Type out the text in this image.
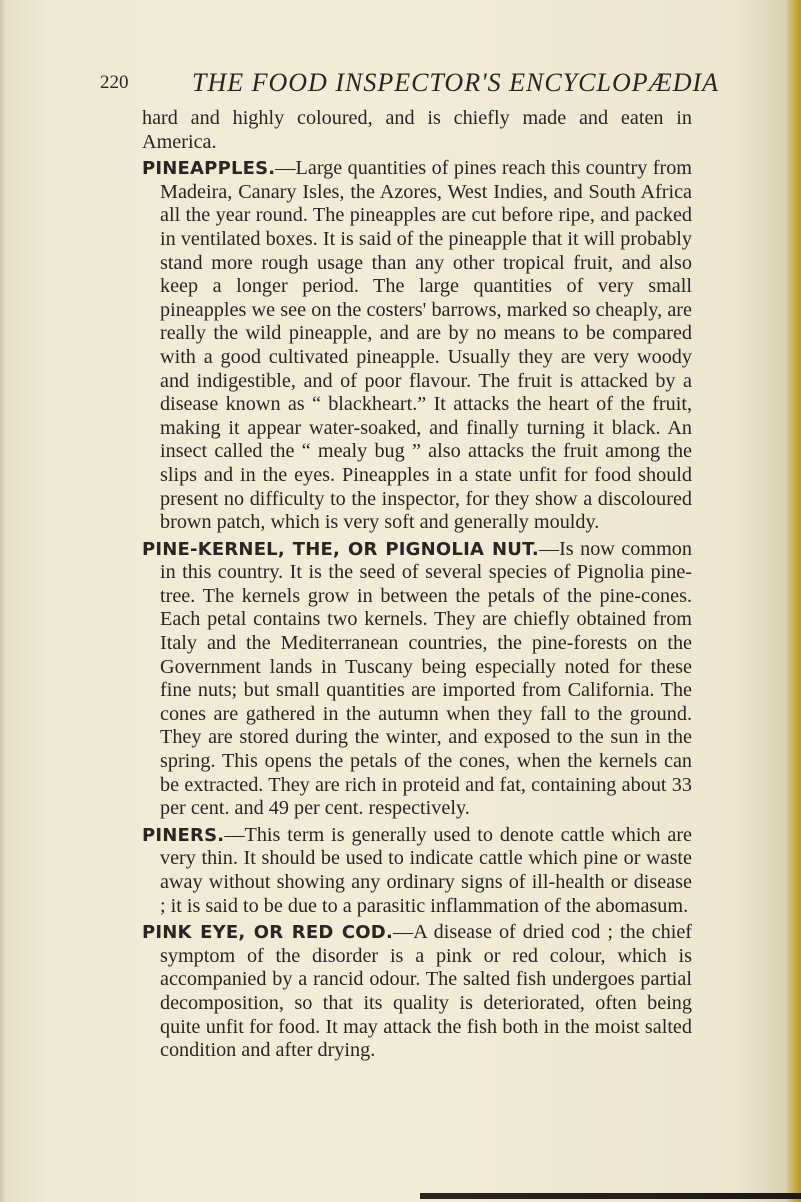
220 THE FOOD INSPECTOR'S ENCYCLOPÆDIA

hard and highly coloured, and is chiefly made and eaten in America.

PINEAPPLES.—Large quantities of pines reach this country from Madeira, Canary Isles, the Azores, West Indies, and South Africa all the year round. The pineapples are cut before ripe, and packed in ventilated boxes. It is said of the pineapple that it will probably stand more rough usage than any other tropical fruit, and also keep a longer period. The large quantities of very small pineapples we see on the costers' barrows, marked so cheaply, are really the wild pineapple, and are by no means to be compared with a good cultivated pineapple. Usually they are very woody and indigestible, and of poor flavour. The fruit is attacked by a disease known as “ blackheart.” It attacks the heart of the fruit, making it appear water-soaked, and finally turning it black. An insect called the “ mealy bug ” also attacks the fruit among the slips and in the eyes. Pineapples in a state unfit for food should present no difficulty to the inspector, for they show a discoloured brown patch, which is very soft and generally mouldy.

PINE-KERNEL, THE, OR PIGNOLIA NUT.—Is now common in this country. It is the seed of several species of Pignolia pine-tree. The kernels grow in between the petals of the pine-cones. Each petal contains two kernels. They are chiefly obtained from Italy and the Mediterranean countries, the pine-forests on the Government lands in Tuscany being especially noted for these fine nuts; but small quantities are imported from California. The cones are gathered in the autumn when they fall to the ground. They are stored during the winter, and exposed to the sun in the spring. This opens the petals of the cones, when the kernels can be extracted. They are rich in proteid and fat, containing about 33 per cent. and 49 per cent. respectively.

PINERS.—This term is generally used to denote cattle which are very thin. It should be used to indicate cattle which pine or waste away without showing any ordinary signs of ill-health or disease ; it is said to be due to a parasitic inflammation of the abomasum.

PINK EYE, OR RED COD.—A disease of dried cod ; the chief symptom of the disorder is a pink or red colour, which is accompanied by a rancid odour. The salted fish undergoes partial decomposition, so that its quality is deteriorated, often being quite unfit for food. It may attack the fish both in the moist salted condition and after drying.
